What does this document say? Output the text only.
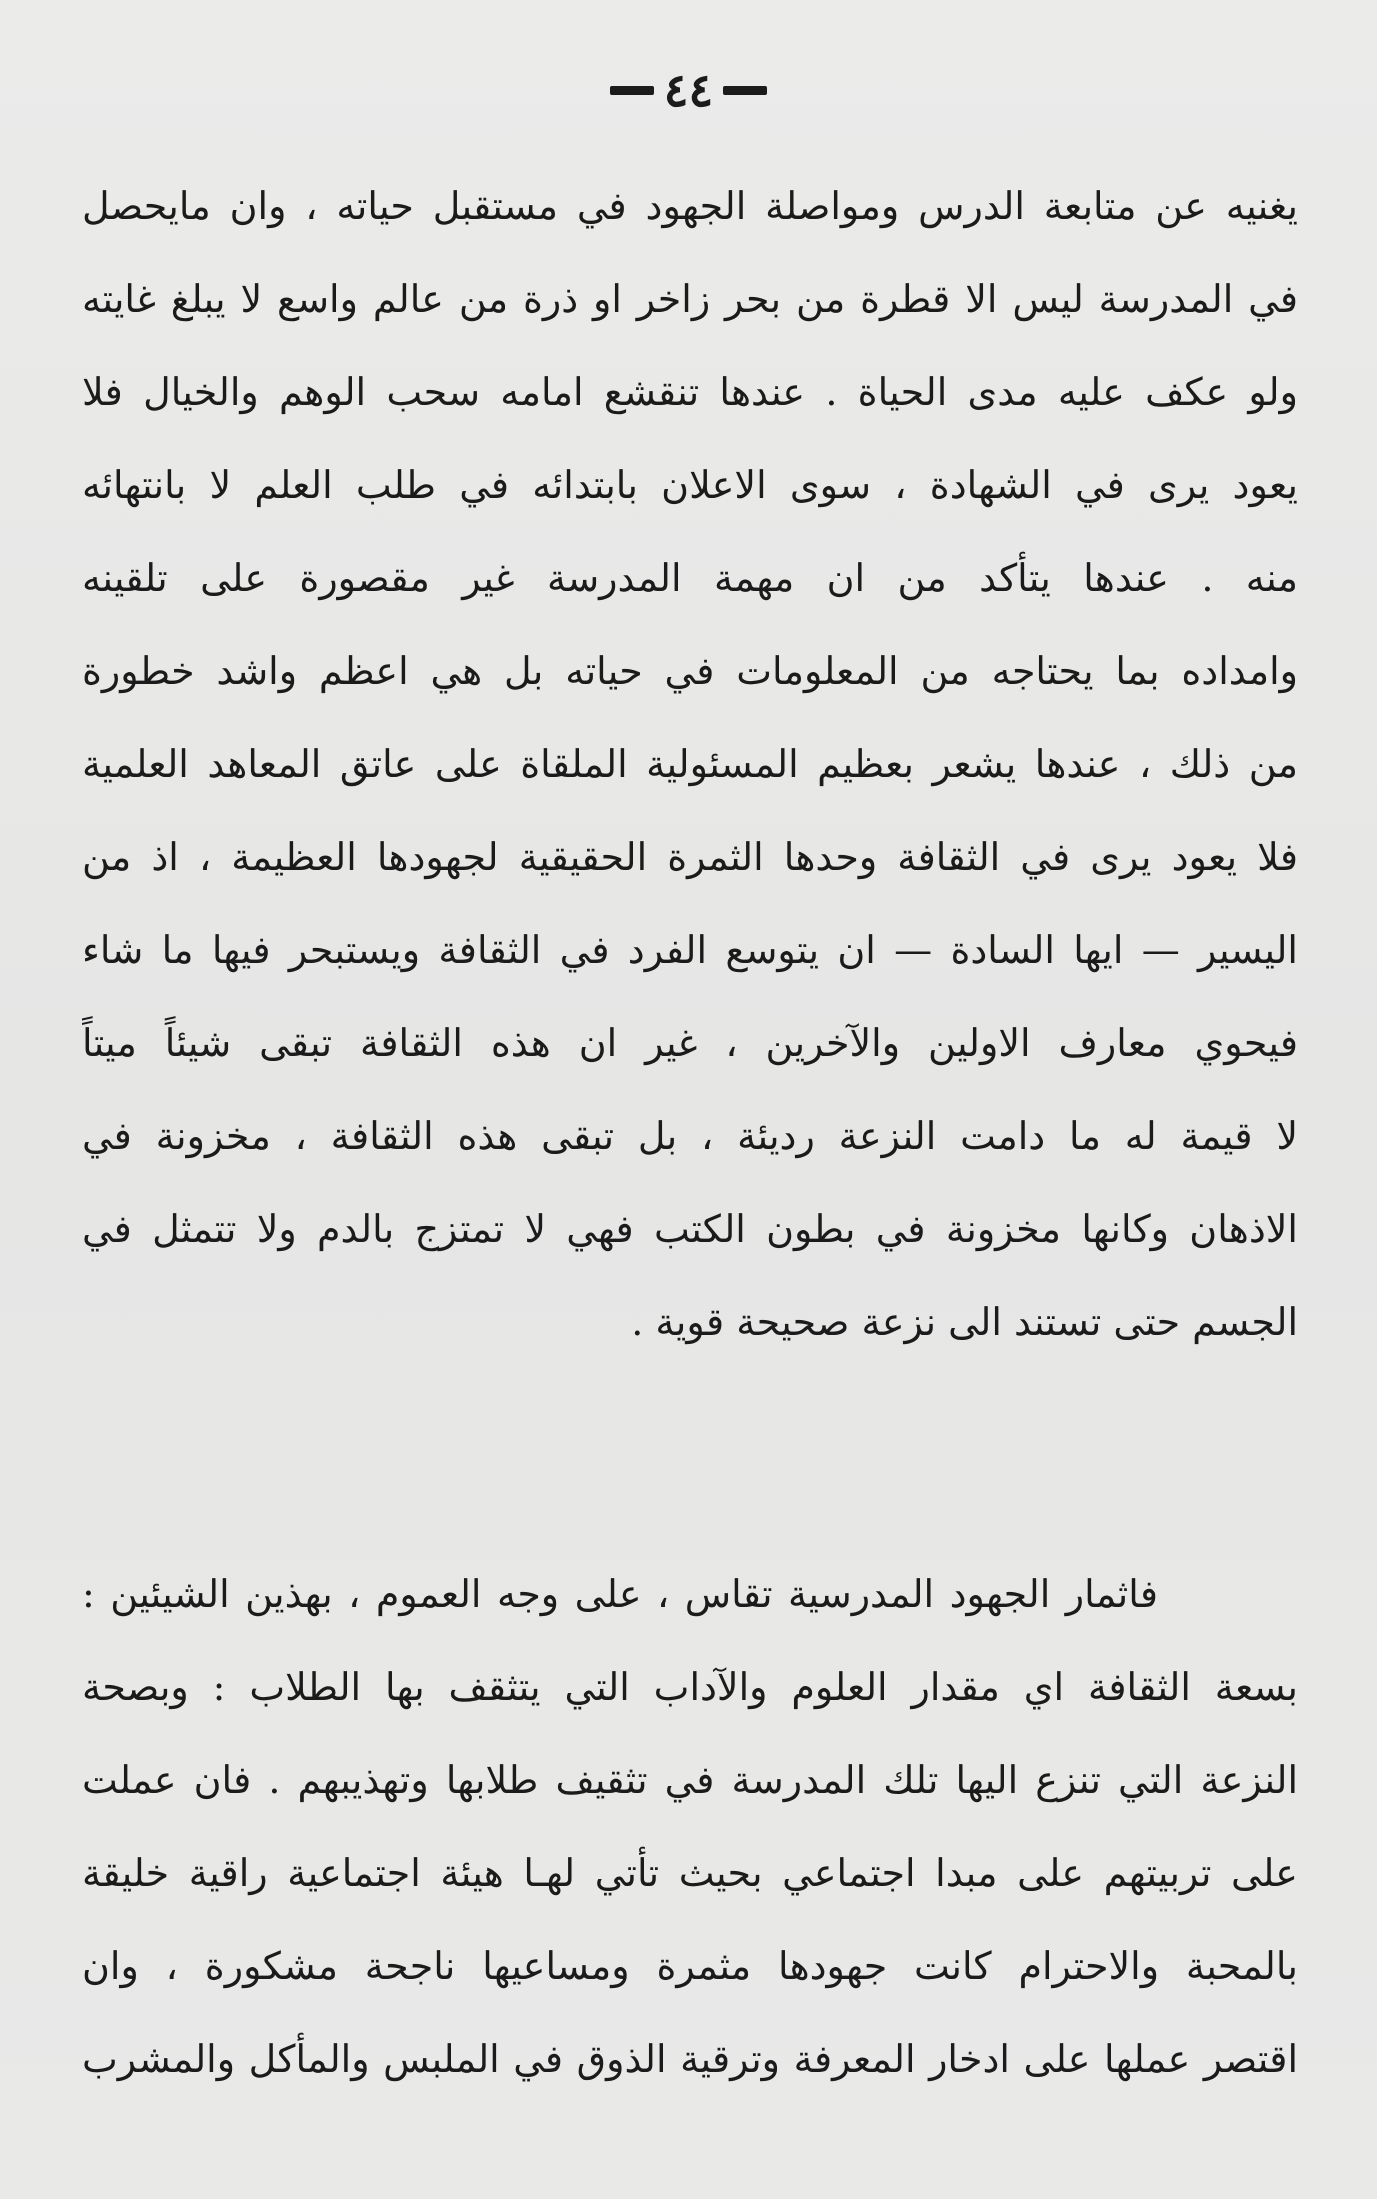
٤٤
يغنيه عن متابعة الدرس ومواصلة الجهود في مستقبل حياته ، وان مايحصل
في المدرسة ليس الا قطرة من بحر زاخر او ذرة من عالم واسع لا يبلغ غايته
ولو عكف عليه مدى الحياة . عندها تنقشع امامه سحب الوهم والخيال فلا
يعود يرى في الشهادة ، سوى الاعلان بابتدائه في طلب العلم لا بانتهائه
منه . عندها يتأكد من ان مهمة المدرسة غير مقصورة على تلقينه
وامداده بما يحتاجه من المعلومات في حياته بل هي اعظم واشد خطورة
من ذلك ، عندها يشعر بعظيم المسئولية الملقاة على عاتق المعاهد العلمية
فلا يعود يرى في الثقافة وحدها الثمرة الحقيقية لجهودها العظيمة ، اذ من
اليسير — ايها السادة — ان يتوسع الفرد في الثقافة ويستبحر فيها ما شاء
فيحوي معارف الاولين والآخرين ، غير ان هذه الثقافة تبقى شيئاً ميتاً
لا قيمة له ما دامت النزعة رديئة ، بل تبقى هذه الثقافة ، مخزونة في
الاذهان وكانها مخزونة في بطون الكتب فهي لا تمتزج بالدم ولا تتمثل في
الجسم حتى تستند الى نزعة صحيحة قوية .
فاثمار الجهود المدرسية تقاس ، على وجه العموم ، بهذين الشيئين :
بسعة الثقافة اي مقدار العلوم والآداب التي يتثقف بها الطلاب : وبصحة
النزعة التي تنزع اليها تلك المدرسة في تثقيف طلابها وتهذيبهم . فان عملت
على تربيتهم على مبدا اجتماعي بحيث تأتي لهـا هيئة اجتماعية راقية خليقة
بالمحبة والاحترام كانت جهودها مثمرة ومساعيها ناجحة مشكورة ، وان
اقتصر عملها على ادخار المعرفة وترقية الذوق في الملبس والمأكل والمشرب
